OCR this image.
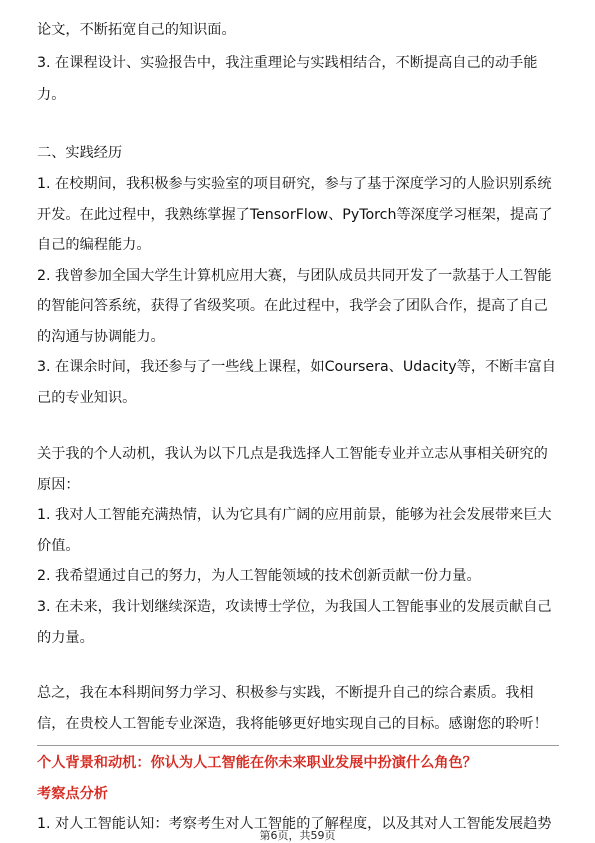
论文，不断拓宽自己的知识面。
3. 在课程设计、实验报告中，我注重理论与实践相结合，不断提高自己的动手能
力。
二、实践经历
1. 在校期间，我积极参与实验室的项目研究，参与了基于深度学习的人脸识别系统
开发。在此过程中，我熟练掌握了TensorFlow、PyTorch等深度学习框架，提高了
自己的编程能力。
2. 我曾参加全国大学生计算机应用大赛，与团队成员共同开发了一款基于人工智能
的智能问答系统，获得了省级奖项。在此过程中，我学会了团队合作，提高了自己
的沟通与协调能力。
3. 在课余时间，我还参与了一些线上课程，如Coursera、Udacity等，不断丰富自
己的专业知识。
关于我的个人动机，我认为以下几点是我选择人工智能专业并立志从事相关研究的
原因：
1. 我对人工智能充满热情，认为它具有广阔的应用前景，能够为社会发展带来巨大
价值。
2. 我希望通过自己的努力，为人工智能领域的技术创新贡献一份力量。
3. 在未来，我计划继续深造，攻读博士学位，为我国人工智能事业的发展贡献自己
的力量。
总之，我在本科期间努力学习、积极参与实践，不断提升自己的综合素质。我相
信，在贵校人工智能专业深造，我将能够更好地实现自己的目标。感谢您的聆听！
个人背景和动机：你认为人工智能在你未来职业发展中扮演什么角色？
考察点分析
1. 对人工智能认知：考察考生对人工智能的了解程度，以及其对人工智能发展趋势
第6页，共59页
